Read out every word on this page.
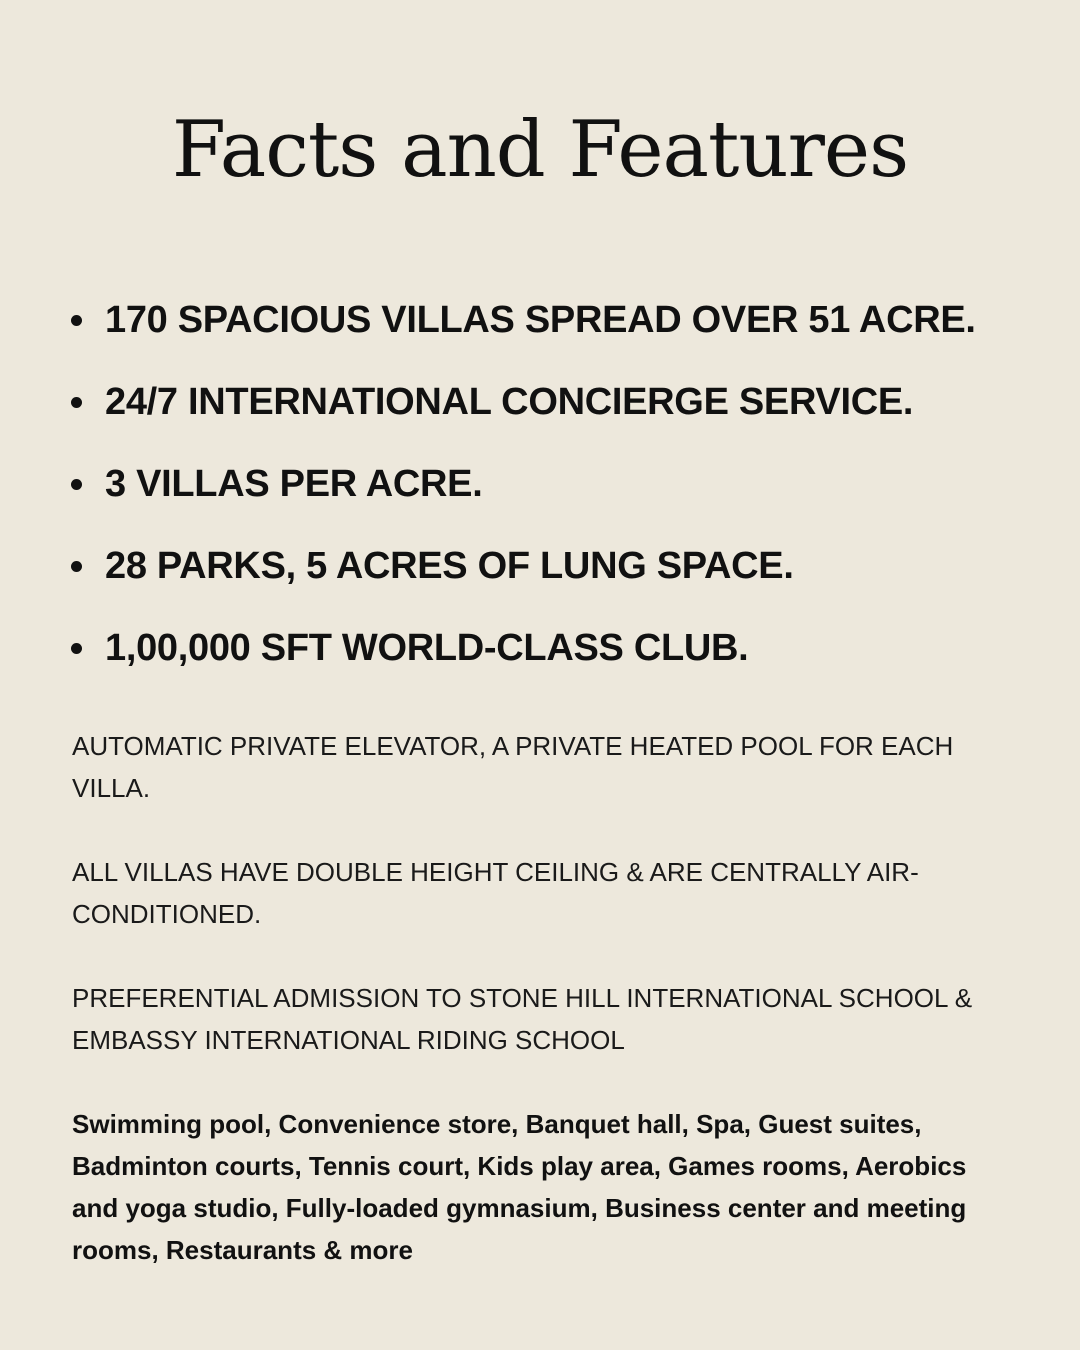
Facts and Features
170 SPACIOUS VILLAS SPREAD OVER 51 ACRE.
24/7 INTERNATIONAL CONCIERGE SERVICE.
3 VILLAS PER ACRE.
28 PARKS, 5 ACRES OF LUNG SPACE.
1,00,000 SFT WORLD-CLASS CLUB.

AUTOMATIC PRIVATE ELEVATOR, A PRIVATE HEATED POOL FOR EACH VILLA.

ALL VILLAS HAVE DOUBLE HEIGHT CEILING & ARE CENTRALLY AIR-CONDITIONED.

PREFERENTIAL ADMISSION TO STONE HILL INTERNATIONAL SCHOOL & EMBASSY INTERNATIONAL RIDING SCHOOL

Swimming pool, Convenience store, Banquet hall, Spa, Guest suites, Badminton courts, Tennis court, Kids play area, Games rooms, Aerobics and yoga studio, Fully-loaded gymnasium, Business center and meeting rooms, Restaurants & more
